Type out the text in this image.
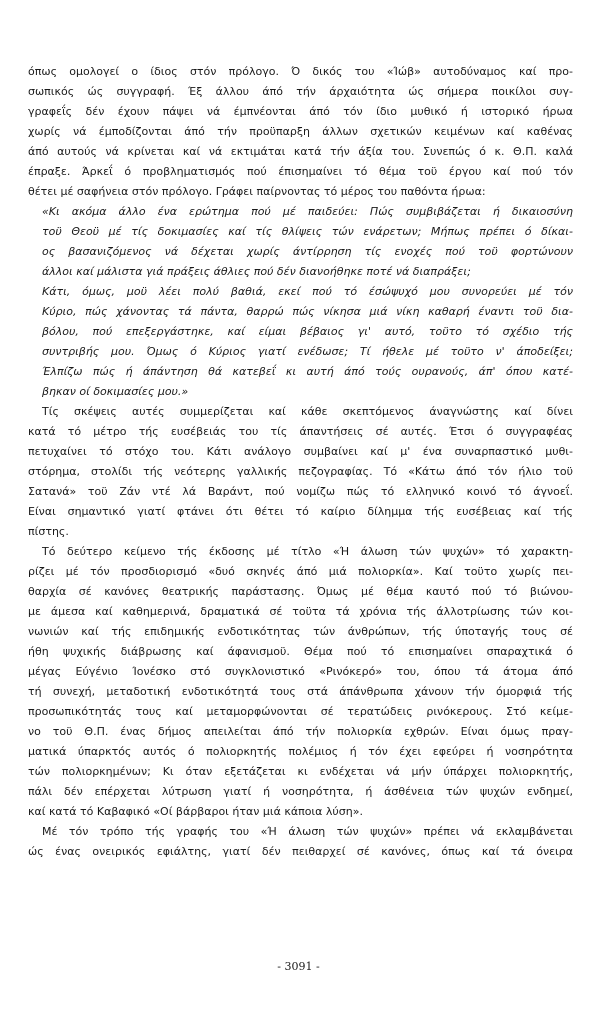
όπως ομολογεί ο ίδιος στόν πρόλογο. Ό δικός του «Ίώβ» αυτοδύναμος καί προ-
σωπικός ώς συγγραφή. Έξ άλλου άπό τήν άρχαιότητα ώς σήμερα ποικίλοι συγ-
γραφεΐς δέν έχουν πάψει νά έμπνέονται άπό τόν ίδιο μυθικό ή ιστορικό ήρωα
χωρίς νά έμποδίζονται άπό τήν προϋπαρξη άλλων σχετικών κειμένων καί καθένας
άπό αυτούς νά κρίνεται καί νά εκτιμάται κατά τήν άξία του. Συνεπώς ό κ. Θ.Π. καλά
έπραξε. Άρκεΐ ό προβληματισμός πού έπισημαίνει τό θέμα τοϋ έργου καί πού τόν
θέτει μέ σαφήνεια στόν πρόλογο. Γράφει παίρνοντας τό μέρος του παθόντα ήρωα:
«Κι ακόμα άλλο ένα ερώτημα πού μέ παιδεύει: Πώς συμβιβάζεται ή δικαιοσύνη
τοϋ Θεοϋ μέ τίς δοκιμασίες καί τίς θλίψεις τών ενάρετων; Μήπως πρέπει ό δίκαι-
ος βασανιζόμενος νά δέχεται χωρίς άντίρρηση τίς ενοχές πού τοϋ φορτώνουν
άλλοι καί μάλιστα γιά πράξεις άθλιες πού δέν διανοήθηκε ποτέ νά διαπράξει;
Κάτι, όμως, μοϋ λέει πολύ βαθιά, εκεί πού τό έσώψυχό μου συνορεύει μέ τόν
Κύριο, πώς χάνοντας τά πάντα, θαρρώ πώς νίκησα μιά νίκη καθαρή έναντι τοϋ δια-
βόλου, πού επεξεργάστηκε, καί είμαι βέβαιος γι' αυτό, τοϋτο τό σχέδιο τής
συντριβής μου. Όμως ό Κύριος γιατί ενέδωσε; Τί ήθελε μέ τοϋτο ν' άποδείξει;
Έλπίζω πώς ή άπάντηση θά κατεβεΐ κι αυτή άπό τούς ουρανούς, άπ' όπου κατέ-
βηκαν οί δοκιμασίες μου.»
Τίς σκέψεις αυτές συμμερίζεται καί κάθε σκεπτόμενος άναγνώστης καί δίνει
κατά τό μέτρο τής ευσέβειάς του τίς άπαντήσεις σέ αυτές. Έτσι ό συγγραφέας
πετυχαίνει τό στόχο του. Κάτι ανάλογο συμβαίνει καί μ' ένα συναρπαστικό μυθι-
στόρημα, στολίδι τής νεότερης γαλλικής πεζογραφίας. Τό «Κάτω άπό τόν ήλιο τοϋ
Σατανά» τοϋ Ζάν ντέ λά Βαράντ, πού νομίζω πώς τό ελληνικό κοινό τό άγνοεΐ.
Είναι σημαντικό γιατί φτάνει ότι θέτει τό καίριο δίλημμα τής ευσέβειας καί τής
πίστης.
Τό δεύτερο κείμενο τής έκδοσης μέ τίτλο «Ή άλωση τών ψυχών» τό χαρακτη-
ρίζει μέ τόν προσδιορισμό «δυό σκηνές άπό μιά πολιορκία». Καί τοϋτο χωρίς πει-
θαρχία σέ κανόνες θεατρικής παράστασης. Όμως μέ θέμα καυτό πού τό βιώνου-
με άμεσα καί καθημερινά, δραματικά σέ τοϋτα τά χρόνια τής άλλοτρίωσης τών κοι-
νωνιών καί τής επιδημικής ενδοτικότητας τών άνθρώπων, τής ύποταγής τους σέ
ήθη ψυχικής διάβρωσης καί άφανισμοϋ. Θέμα πού τό επισημαίνει σπαραχτικά ό
μέγας Εύγένιο Ίονέσκο στό συγκλονιστικό «Ρινόκερό» του, όπου τά άτομα άπό
τή συνεχή, μεταδοτική ενδοτικότητά τους στά άπάνθρωπα χάνουν τήν όμορφιά τής
προσωπικότητάς τους καί μεταμορφώνονται σέ τερατώδεις ρινόκερους. Στό κείμε-
νο τοϋ Θ.Π. ένας δήμος απειλείται άπό τήν πολιορκία εχθρών. Είναι όμως πραγ-
ματικά ύπαρκτός αυτός ό πολιορκητής πολέμιος ή τόν έχει εφεύρει ή νοσηρότητα
τών πολιορκημένων; Κι όταν εξετάζεται κι ενδέχεται νά μήν ύπάρχει πολιορκητής,
πάλι δέν επέρχεται λύτρωση γιατί ή νοσηρότητα, ή άσθένεια τών ψυχών ενδημεί,
καί κατά τό Καβαφικό «Οί βάρβαροι ήταν μιά κάποια λύση».
Μέ τόν τρόπο τής γραφής του «Ή άλωση τών ψυχών» πρέπει νά εκλαμβάνεται
ώς ένας ονειρικός εφιάλτης, γιατί δέν πειθαρχεί σέ κανόνες, όπως καί τά όνειρα
- 3091 -
